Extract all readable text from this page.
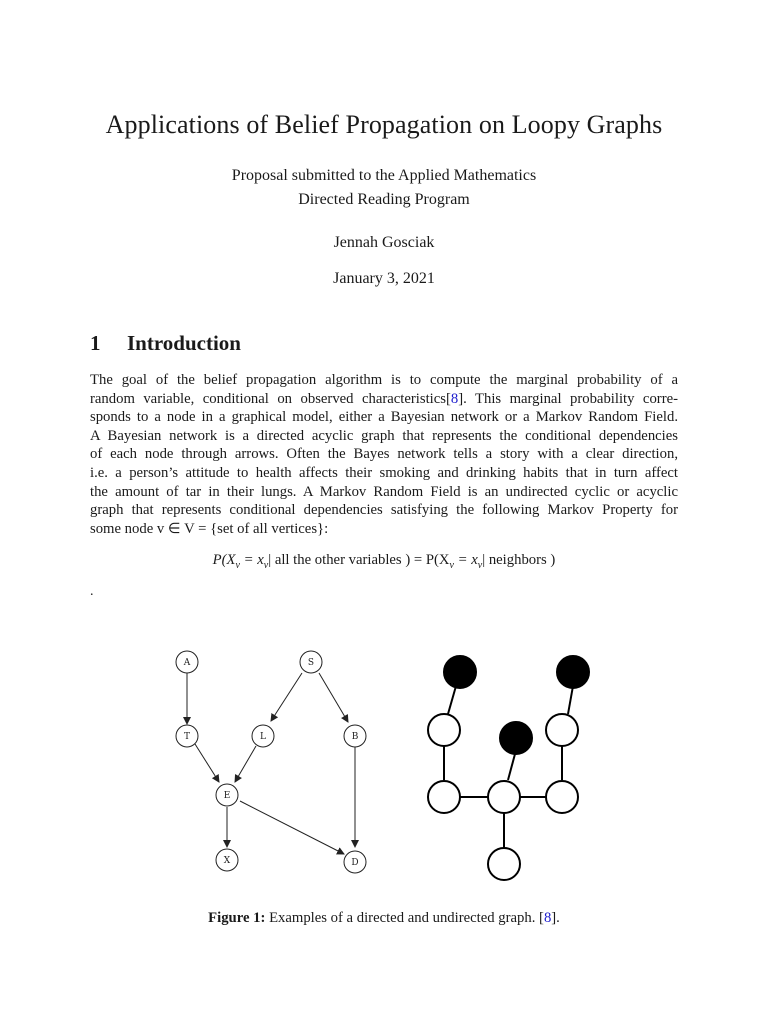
Applications of Belief Propagation on Loopy Graphs
Proposal submitted to the Applied Mathematics
Directed Reading Program
Jennah Gosciak
January 3, 2021
1 Introduction
The goal of the belief propagation algorithm is to compute the marginal probability of a
random variable, conditional on observed characteristics[8]. This marginal probability corre-
sponds to a node in a graphical model, either a Bayesian network or a Markov Random Field.
A Bayesian network is a directed acyclic graph that represents the conditional dependencies
of each node through arrows. Often the Bayes network tells a story with a clear direction,
i.e. a person’s attitude to health affects their smoking and drinking habits that in turn affect
the amount of tar in their lungs. A Markov Random Field is an undirected cyclic or acyclic
graph that represents conditional dependencies satisfying the following Markov Property for
some node v ∈ V = {set of all vertices}:
$P(X_v = x_v|$ all the other variables ) = $P(X_v = x_v|$ neighbors )
.
A	S
T	L	B
E
X	D
Figure 1: Examples of a directed and undirected graph. [8].
